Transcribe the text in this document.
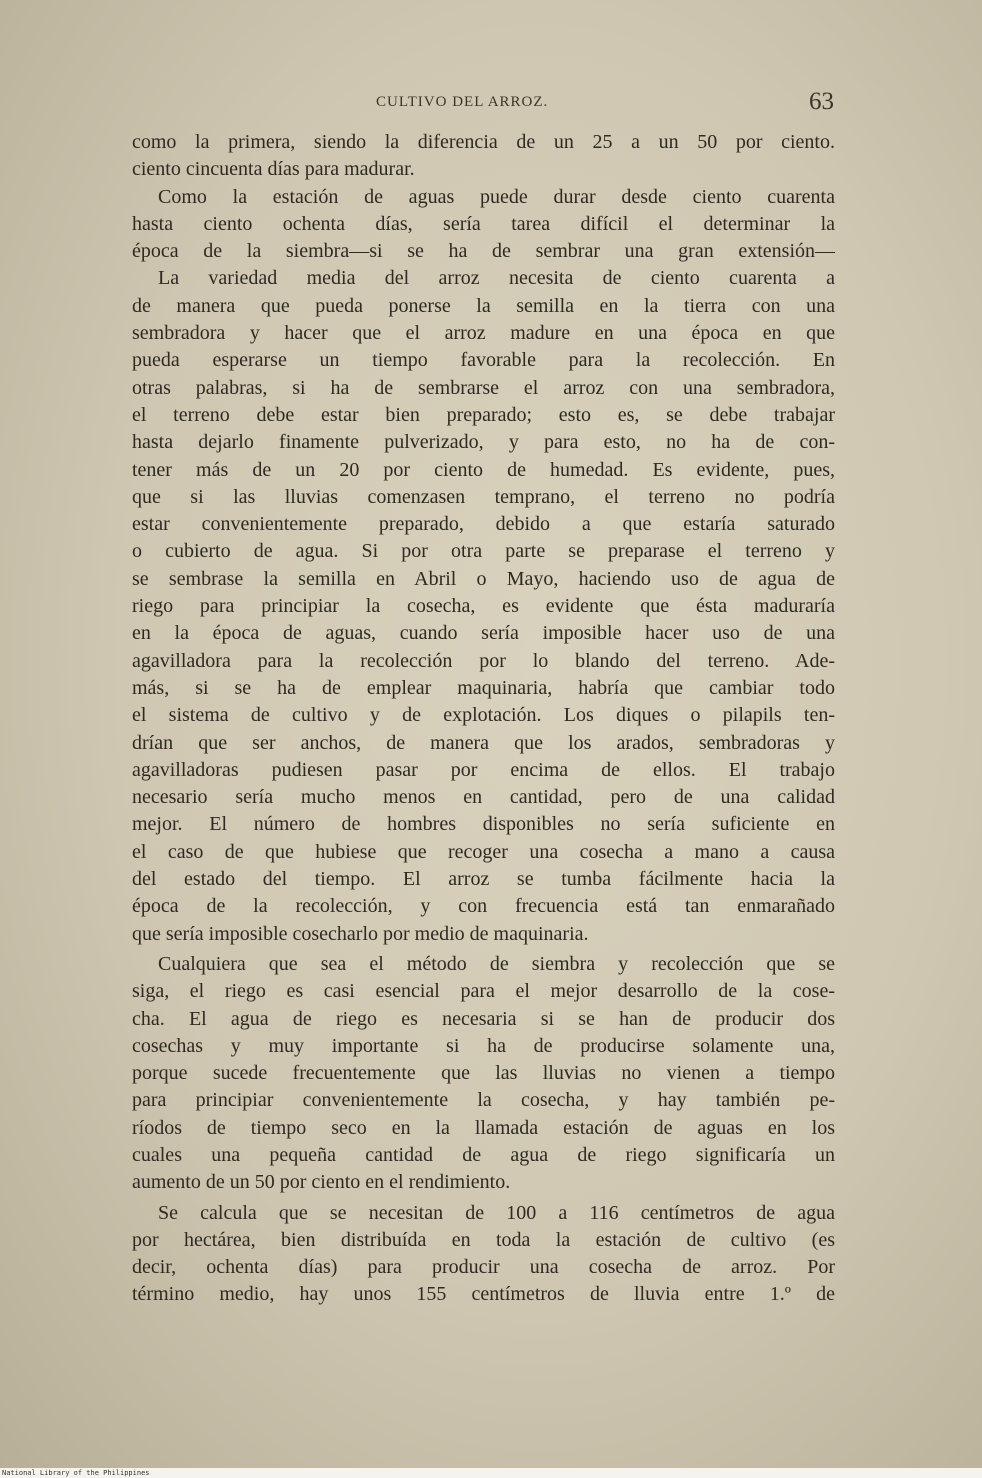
CULTIVO DEL ARROZ.	63
como la primera, siendo la diferencia de un 25 a un 50 por ciento.
ciento cincuenta días para madurar.
Como la estación de aguas puede durar desde ciento cuarenta
hasta ciento ochenta días, sería tarea difícil el determinar la
época de la siembra—si se ha de sembrar una gran extensión—
La variedad media del arroz necesita de ciento cuarenta a
de manera que pueda ponerse la semilla en la tierra con una
sembradora y hacer que el arroz madure en una época en que
pueda esperarse un tiempo favorable para la recolección. En
otras palabras, si ha de sembrarse el arroz con una sembradora,
el terreno debe estar bien preparado; esto es, se debe trabajar
hasta dejarlo finamente pulverizado, y para esto, no ha de con-
tener más de un 20 por ciento de humedad. Es evidente, pues,
que si las lluvias comenzasen temprano, el terreno no podría
estar convenientemente preparado, debido a que estaría saturado
o cubierto de agua. Si por otra parte se preparase el terreno y
se sembrase la semilla en Abril o Mayo, haciendo uso de agua de
riego para principiar la cosecha, es evidente que ésta maduraría
en la época de aguas, cuando sería imposible hacer uso de una
agavilladora para la recolección por lo blando del terreno. Ade-
más, si se ha de emplear maquinaria, habría que cambiar todo
el sistema de cultivo y de explotación. Los diques o pilapils ten-
drían que ser anchos, de manera que los arados, sembradoras y
agavilladoras pudiesen pasar por encima de ellos. El trabajo
necesario sería mucho menos en cantidad, pero de una calidad
mejor. El número de hombres disponibles no sería suficiente en
el caso de que hubiese que recoger una cosecha a mano a causa
del estado del tiempo. El arroz se tumba fácilmente hacia la
época de la recolección, y con frecuencia está tan enmarañado
que sería imposible cosecharlo por medio de maquinaria.
Cualquiera que sea el método de siembra y recolección que se
siga, el riego es casi esencial para el mejor desarrollo de la cose-
cha. El agua de riego es necesaria si se han de producir dos
cosechas y muy importante si ha de producirse solamente una,
porque sucede frecuentemente que las lluvias no vienen a tiempo
para principiar convenientemente la cosecha, y hay también pe-
ríodos de tiempo seco en la llamada estación de aguas en los
cuales una pequeña cantidad de agua de riego significaría un
aumento de un 50 por ciento en el rendimiento.
Se calcula que se necesitan de 100 a 116 centímetros de agua
por hectárea, bien distribuída en toda la estación de cultivo (es
decir, ochenta días) para producir una cosecha de arroz. Por
término medio, hay unos 155 centímetros de lluvia entre 1.º de
National Library of the Philippines
